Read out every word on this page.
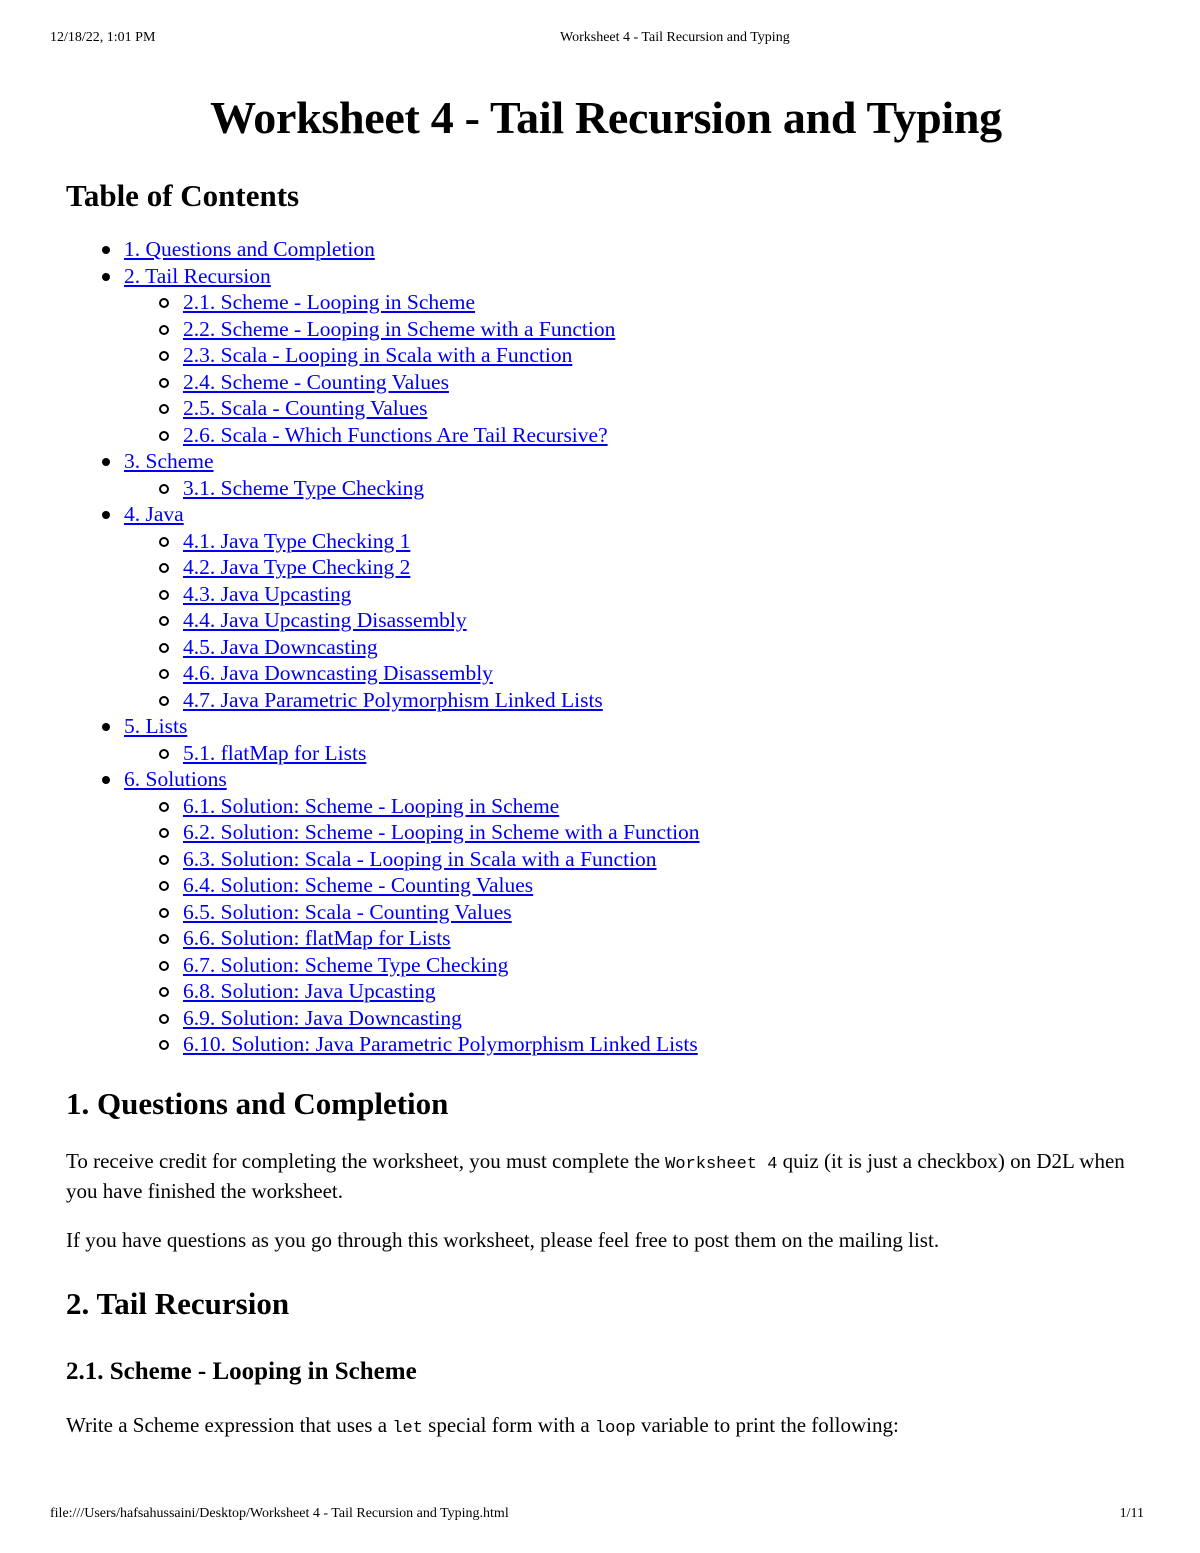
12/18/22, 1:01 PM	Worksheet 4 - Tail Recursion and Typing
Worksheet 4 - Tail Recursion and Typing
Table of Contents
1. Questions and Completion
2. Tail Recursion
2.1. Scheme - Looping in Scheme
2.2. Scheme - Looping in Scheme with a Function
2.3. Scala - Looping in Scala with a Function
2.4. Scheme - Counting Values
2.5. Scala - Counting Values
2.6. Scala - Which Functions Are Tail Recursive?
3. Scheme
3.1. Scheme Type Checking
4. Java
4.1. Java Type Checking 1
4.2. Java Type Checking 2
4.3. Java Upcasting
4.4. Java Upcasting Disassembly
4.5. Java Downcasting
4.6. Java Downcasting Disassembly
4.7. Java Parametric Polymorphism Linked Lists
5. Lists
5.1. flatMap for Lists
6. Solutions
6.1. Solution: Scheme - Looping in Scheme
6.2. Solution: Scheme - Looping in Scheme with a Function
6.3. Solution: Scala - Looping in Scala with a Function
6.4. Solution: Scheme - Counting Values
6.5. Solution: Scala - Counting Values
6.6. Solution: flatMap for Lists
6.7. Solution: Scheme Type Checking
6.8. Solution: Java Upcasting
6.9. Solution: Java Downcasting
6.10. Solution: Java Parametric Polymorphism Linked Lists
1. Questions and Completion

To receive credit for completing the worksheet, you must complete the Worksheet 4 quiz (it is just a checkbox) on D2L when you have finished the worksheet.

If you have questions as you go through this worksheet, please feel free to post them on the mailing list.

2. Tail Recursion
2.1. Scheme - Looping in Scheme

Write a Scheme expression that uses a let special form with a loop variable to print the following:

file:///Users/hafsahussaini/Desktop/Worksheet 4 - Tail Recursion and Typing.html	1/11
